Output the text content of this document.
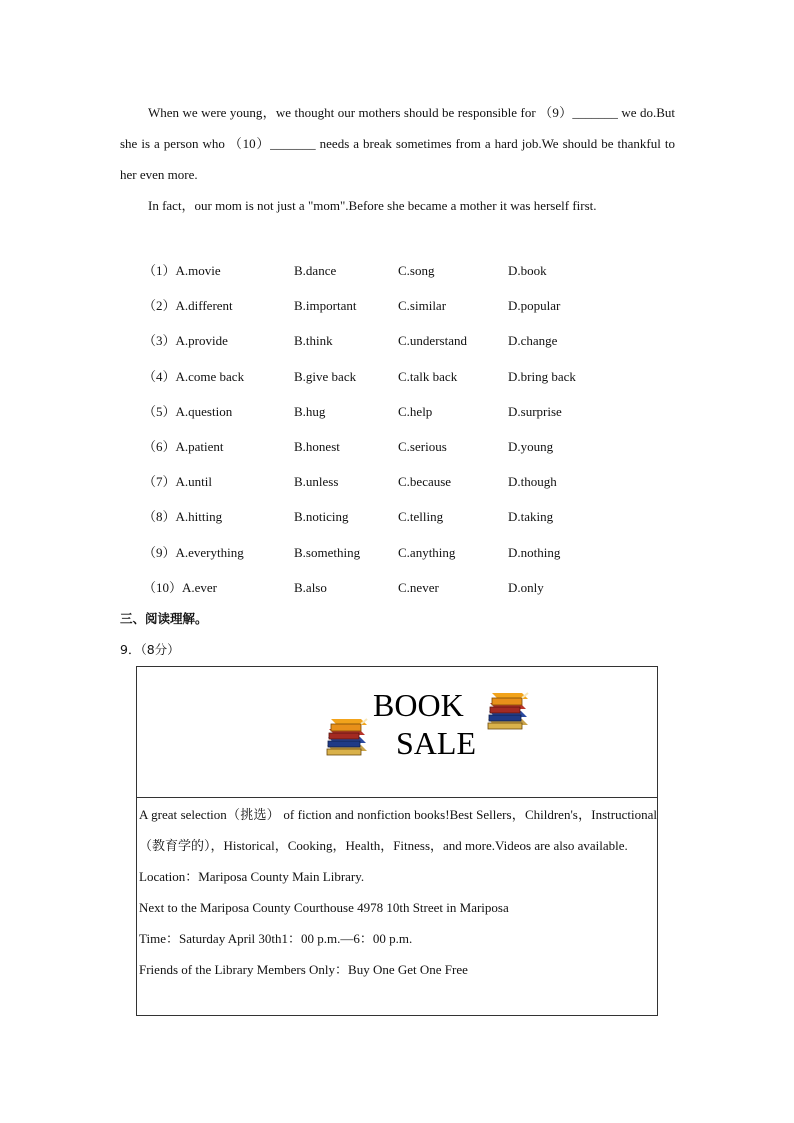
When we were young，we thought our mothers should be responsible for （9）_______ we do.But she is a person who （10）_______ needs a break sometimes from a hard job.We should be thankful to her even more.

In fact，our mom is not just a "mom".Before she became a mother it was herself first.

（1）A.movie	B.dance	C.song	D.book
（2）A.different	B.important	C.similar	D.popular
（3）A.provide	B.think	C.understand	D.change
（4）A.come back	B.give back	C.talk back	D.bring back
（5）A.question	B.hug	C.help	D.surprise
（6）A.patient	B.honest	C.serious	D.young
（7）A.until	B.unless	C.because	D.though
（8）A.hitting	B.noticing	C.telling	D.taking
（9）A.everything	B.something	C.anything	D.nothing
（10）A.ever	B.also	C.never	D.only
三、阅读理解。
9．（8分）
BOOK
SALE

A great selection（挑选） of fiction and nonfiction books!Best Sellers，Children's，Instructional（教育学的），Historical，Cooking，Health，Fitness，and more.Videos are also available.

Location：Mariposa County Main Library.

Next to the Mariposa County Courthouse 4978 10th Street in Mariposa

Time：Saturday April 30th1：00 p.m.—6：00 p.m.

Friends of the Library Members Only：Buy One Get One Free
